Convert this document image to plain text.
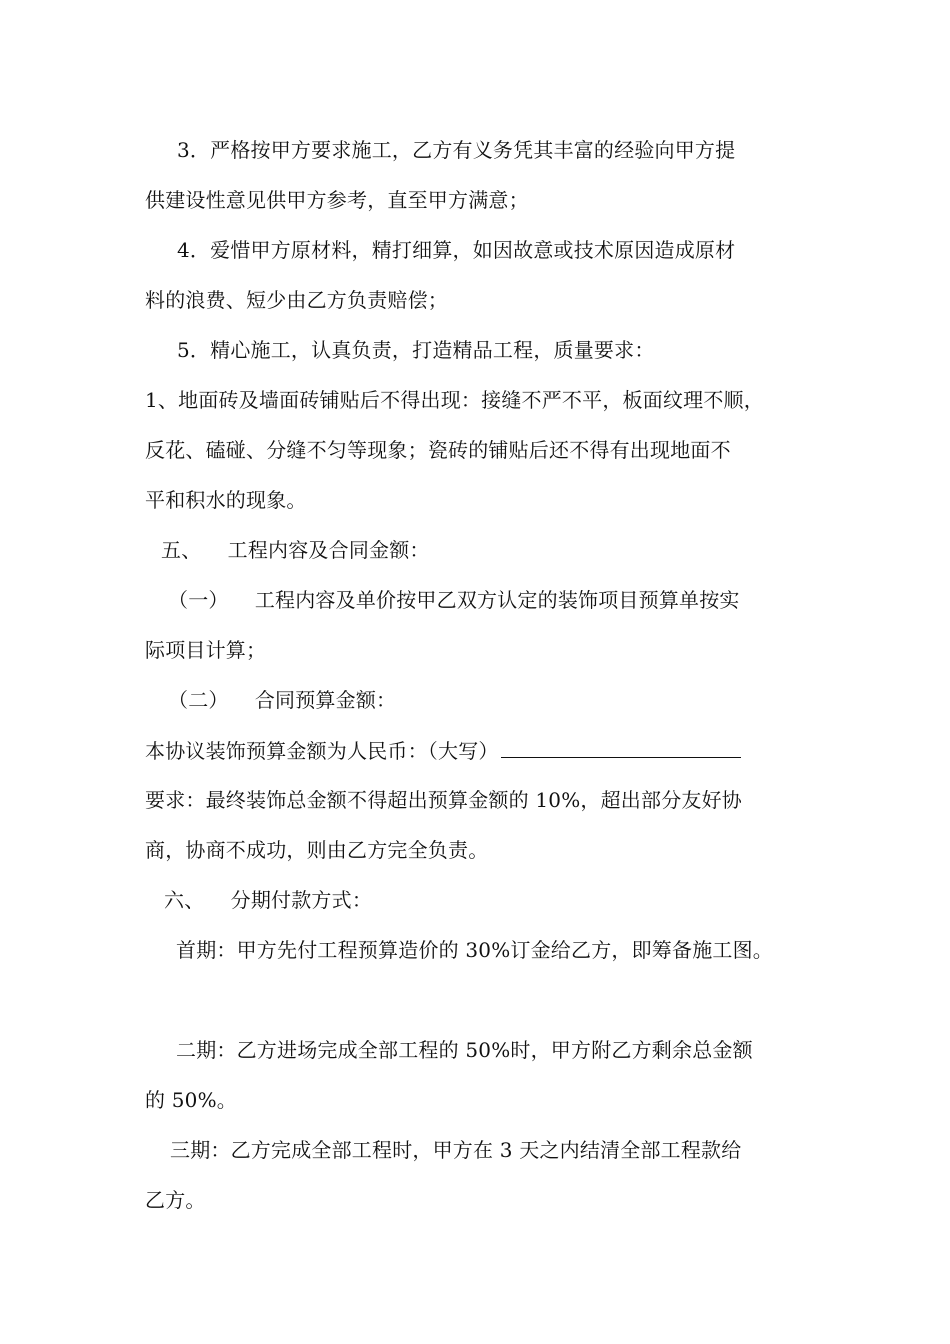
3．严格按甲方要求施工，乙方有义务凭其丰富的经验向甲方提
供建设性意见供甲方参考，直至甲方满意；
4．爱惜甲方原材料，精打细算，如因故意或技术原因造成原材
料的浪费、短少由乙方负责赔偿；
5．精心施工，认真负责，打造精品工程，质量要求：
1、地面砖及墙面砖铺贴后不得出现：接缝不严不平，板面纹理不顺，
反花、磕碰、分缝不匀等现象；瓷砖的铺贴后还不得有出现地面不
平和积水的现象。
五、    工程内容及合同金额：
（一）    工程内容及单价按甲乙双方认定的装饰项目预算单按实
际项目计算；
（二）    合同预算金额：
本协议装饰预算金额为人民币：（大写）
要求：最终装饰总金额不得超出预算金额的 10%，超出部分友好协
商，协商不成功，则由乙方完全负责。
六、    分期付款方式：
首期：甲方先付工程预算造价的 30%订金给乙方，即筹备施工图。
二期：乙方进场完成全部工程的 50%时，甲方附乙方剩余总金额
的 50%。
三期：乙方完成全部工程时，甲方在 3 天之内结清全部工程款给
乙方。
